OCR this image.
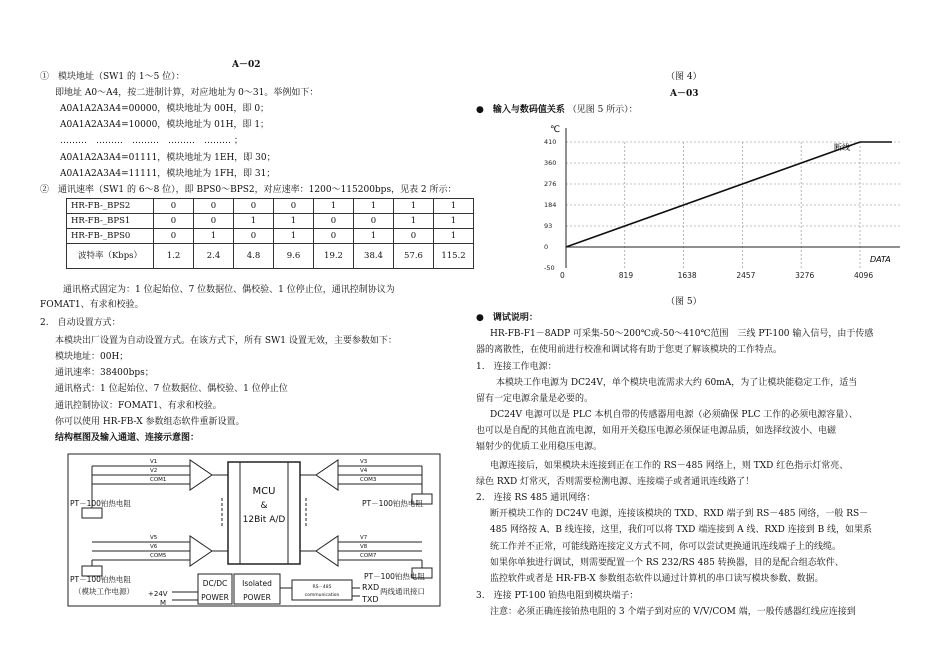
A－02
①　模块地址（SW1 的 1～5 位）：
即地址 A0～A4，按二进制计算，对应地址为 0～31。举例如下：
A0A1A2A3A4=00000，模块地址为 00H，即 0；
A0A1A2A3A4=10000，模块地址为 01H，即 1；
………　………　………　………　……… ；
A0A1A2A3A4=01111，模块地址为 1EH，即 30；
A0A1A2A3A4=11111，模块地址为 1FH，即 31；
②　通讯速率（SW1 的 6～8 位），即 BPS0～BPS2，对应速率：1200～115200bps，见表 2 所示：
HR-FB-_BPS2	0	0	0	0	1	1	1	1
HR-FB-_BPS1	0	0	1	1	0	0	1	1
HR-FB-_BPS0	0	1	0	1	0	1	0	1
波特率（Kbps）	1.2	2.4	4.8	9.6	19.2	38.4	57.6	115.2
通讯格式固定为：1 位起始位、7 位数据位、偶校验、1 位停止位，通讯控制协议为
FOMAT1、有求和校验。
2.　自动设置方式：
本模块出厂设置为自动设置方式。在该方式下，所有 SW1 设置无效，主要参数如下：
模块地址：00H；
通讯速率：38400bps；
通讯格式：1 位起始位、7 位数据位、偶校验、1 位停止位
通讯控制协议：FOMAT1、有求和校验。
你可以使用 HR-FB-X 参数组态软件重新设置。
结构框图及输入通道、连接示意图：
V1
V2
COM1
V5
V6
COM5
V3
V4
COM3
V7
V8
COM7
MCU
&
12Bit A/D
PT－100铂热电阻
PT－100铂热电阻
PT－100铂热电阻
PT－100铂热电阻
（模块工作电源）
DC/DC
POWER
Isolated
POWER
RS－485
communication
RXD
TXD
+24V
M
两线通讯接口
（图 4）
A－03
●　输入与数码值关系 （见图 5 所示）：
410
360
276
184
93
0
-50
0	819	1638	2457	3276	4096
℃
DATA
断线
（图 5）
●　调试说明：
HR-FB-F1－8ADP 可采集-50～200℃或-50～410℃范围　三线 PT-100 输入信号，由于传感
器的离散性，在使用前进行校准和调试将有助于您更了解该模块的工作特点。
1.　连接工作电源：
本模块工作电源为 DC24V，单个模块电流需求大约 60mA，为了让模块能稳定工作，适当
留有一定电源余量是必要的。
DC24V 电源可以是 PLC 本机自带的传感器用电源（必须确保 PLC 工作的必须电源容量）、
也可以是自配的其他直流电源，如用开关稳压电源必须保证电源品质，如选择纹波小、电磁
辐射少的优质工业用稳压电源。
电源连接后，如果模块未连接到正在工作的 RS－485 网络上，则 TXD 红色指示灯常亮、
绿色 RXD 灯常灭，否则需要检测电源、连接端子或者通讯连线路了！
2.　连接 RS 485 通讯网络：
断开模块工作的 DC24V 电源，连接该模块的 TXD、RXD 端子到 RS－485 网络，一般 RS－
485 网络按 A、B 线连接，这里，我们可以将 TXD 端连接到 A 线、RXD 连接到 B 线，如果系
统工作并不正常，可能线路连接定义方式不同，你可以尝试更换通讯连线端子上的线缆。
如果你单独进行调试，则需要配置一个 RS 232/RS 485 转换器，目的是配合组态软件、
监控软件或者是 HR-FB-X 参数组态软件以通过计算机的串口读写模块参数、数据。
3.　连接 PT-100 铂热电阻到模块端子：
注意：必须正确连接铂热电阻的 3 个端子到对应的 V/V/COM 端，一般传感器红线应连接到
